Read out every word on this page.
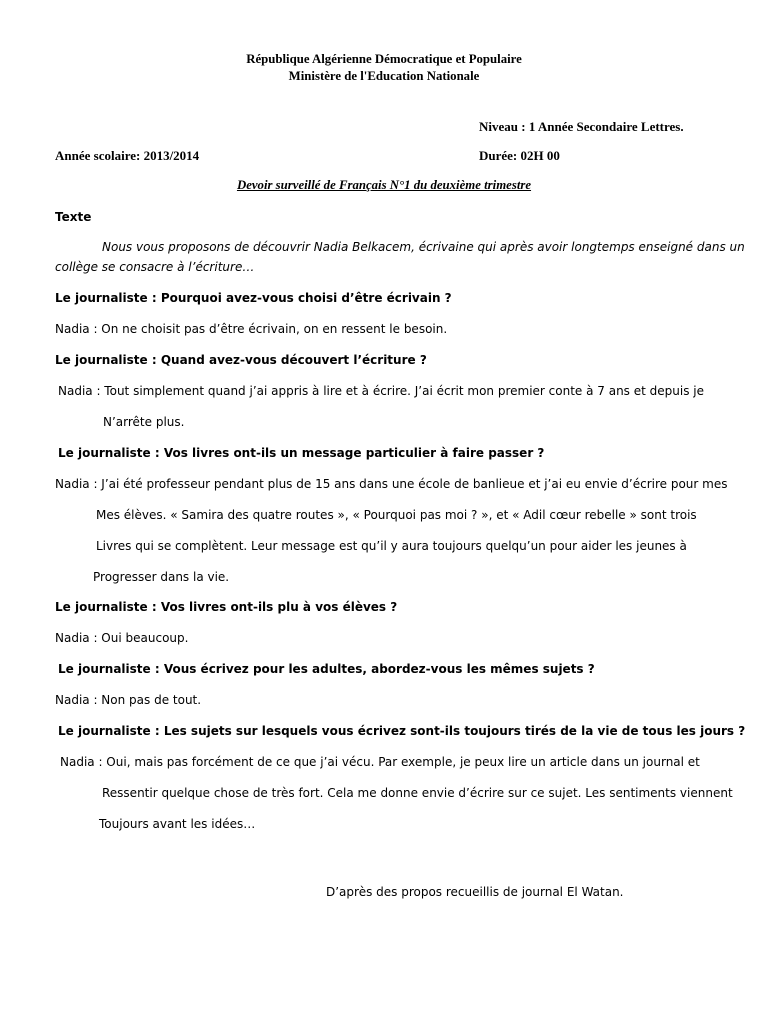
République Algérienne Démocratique et Populaire
Ministère de l'Education Nationale
Niveau : 1 Année Secondaire Lettres.
Année scolaire: 2013/2014	Durée: 02H 00
Devoir surveillé de Français N°1 du deuxième trimestre
Texte
Nous vous proposons de découvrir Nadia Belkacem, écrivaine qui après avoir longtemps enseigné dans un
collège se consacre à l’écriture…
Le journaliste : Pourquoi avez-vous choisi d’être écrivain ?
Nadia : On ne choisit pas d’être écrivain, on en ressent le besoin.
Le journaliste : Quand avez-vous découvert l’écriture ?
Nadia : Tout simplement quand j’ai appris à lire et à écrire. J’ai écrit mon premier conte à 7 ans et depuis je
N’arrête plus.
Le journaliste : Vos livres ont-ils un message particulier à faire passer ?
Nadia : J’ai été professeur pendant plus de 15 ans dans une école de banlieue et j’ai eu envie d’écrire pour mes
Mes élèves. « Samira des quatre routes », « Pourquoi pas moi ? », et « Adil cœur rebelle » sont trois
Livres qui se complètent. Leur message est qu’il y aura toujours quelqu’un pour aider les jeunes à
Progresser dans la vie.
Le journaliste : Vos livres ont-ils plu à vos élèves ?
Nadia : Oui beaucoup.
Le journaliste : Vous écrivez pour les adultes, abordez-vous les mêmes sujets ?
Nadia : Non pas de tout.
Le journaliste : Les sujets sur lesquels vous écrivez sont-ils toujours tirés de la vie de tous les jours ?
Nadia : Oui, mais pas forcément de ce que j’ai vécu. Par exemple, je peux lire un article dans un journal et
Ressentir quelque chose de très fort. Cela me donne envie d’écrire sur ce sujet. Les sentiments viennent
Toujours avant les idées…
D’après des propos recueillis de journal El Watan.
